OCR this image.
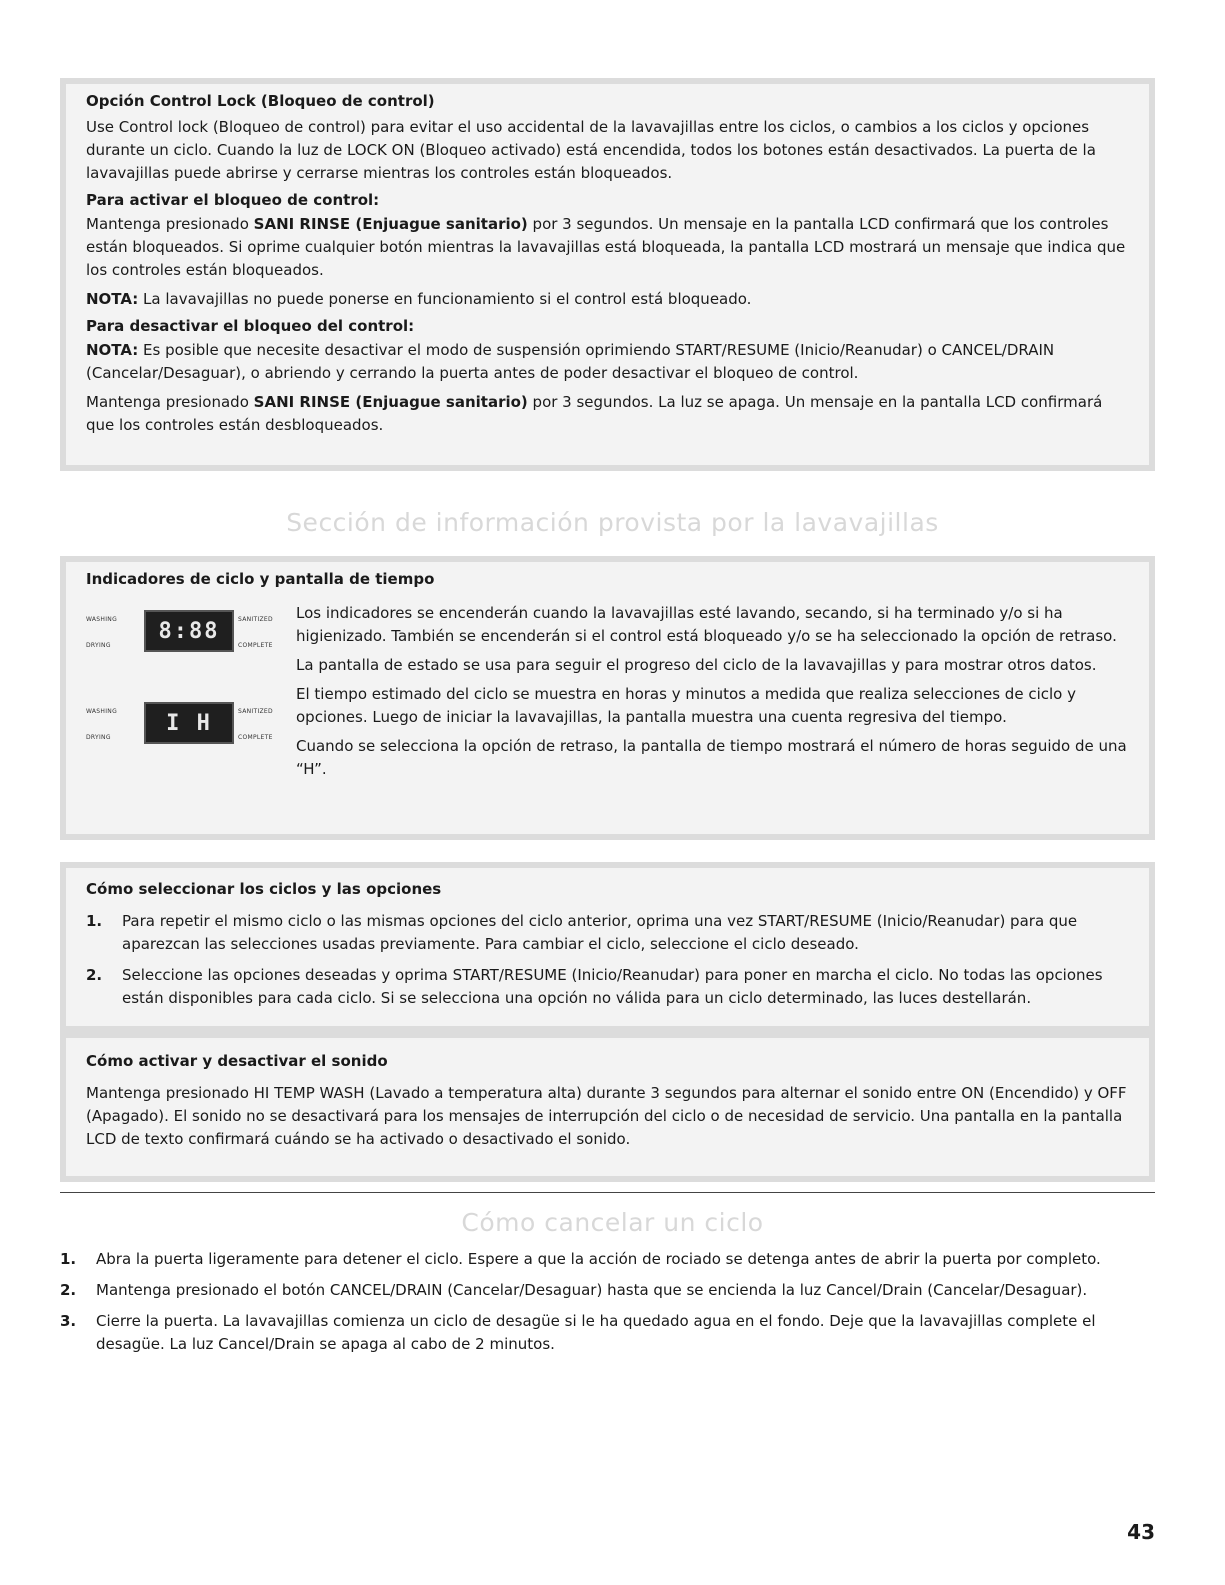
Opción Control Lock (Bloqueo de control)

Use Control lock (Bloqueo de control) para evitar el uso accidental de la lavavajillas entre los ciclos, o cambios a los ciclos y opciones durante un ciclo. Cuando la luz de LOCK ON (Bloqueo activado) está encendida, todos los botones están desactivados. La puerta de la lavavajillas puede abrirse y cerrarse mientras los controles están bloqueados.

Para activar el bloqueo de control:

Mantenga presionado SANI RINSE (Enjuague sanitario) por 3 segundos. Un mensaje en la pantalla LCD confirmará que los controles están bloqueados. Si oprime cualquier botón mientras la lavavajillas está bloqueada, la pantalla LCD mostrará un mensaje que indica que los controles están bloqueados.

NOTA: La lavavajillas no puede ponerse en funcionamiento si el control está bloqueado.

Para desactivar el bloqueo del control:

NOTA: Es posible que necesite desactivar el modo de suspensión oprimiendo START/RESUME (Inicio/Reanudar) o CANCEL/DRAIN (Cancelar/Desaguar), o abriendo y cerrando la puerta antes de poder desactivar el bloqueo de control.

Mantenga presionado SANI RINSE (Enjuague sanitario) por 3 segundos. La luz se apaga. Un mensaje en la pantalla LCD confirmará que los controles están desbloqueados.

Sección de información provista por la lavavajillas
Indicadores de ciclo y pantalla de tiempo
WASHING
DRYING
8:88	SANITIZED
COMPLETE
WASHING
DRYING
I H	SANITIZED
COMPLETE

Los indicadores se encenderán cuando la lavavajillas esté lavando, secando, si ha terminado y/o si ha higienizado. También se encenderán si el control está bloqueado y/o se ha seleccionado la opción de retraso.

La pantalla de estado se usa para seguir el progreso del ciclo de la lavavajillas y para mostrar otros datos.

El tiempo estimado del ciclo se muestra en horas y minutos a medida que realiza selecciones de ciclo y opciones. Luego de iniciar la lavavajillas, la pantalla muestra una cuenta regresiva del tiempo.

Cuando se selecciona la opción de retraso, la pantalla de tiempo mostrará el número de horas seguido de una “H”.

Cómo seleccionar los ciclos y las opciones
1. Para repetir el mismo ciclo o las mismas opciones del ciclo anterior, oprima una vez START/RESUME (Inicio/Reanudar) para que aparezcan las selecciones usadas previamente. Para cambiar el ciclo, seleccione el ciclo deseado.
2. Seleccione las opciones deseadas y oprima START/RESUME (Inicio/Reanudar) para poner en marcha el ciclo. No todas las opciones están disponibles para cada ciclo. Si se selecciona una opción no válida para un ciclo determinado, las luces destellarán.
Cómo activar y desactivar el sonido

Mantenga presionado HI TEMP WASH (Lavado a temperatura alta) durante 3 segundos para alternar el sonido entre ON (Encendido) y OFF (Apagado). El sonido no se desactivará para los mensajes de interrupción del ciclo o de necesidad de servicio. Una pantalla en la pantalla LCD de texto confirmará cuándo se ha activado o desactivado el sonido.

Cómo cancelar un ciclo
1. Abra la puerta ligeramente para detener el ciclo. Espere a que la acción de rociado se detenga antes de abrir la puerta por completo.
2. Mantenga presionado el botón CANCEL/DRAIN (Cancelar/Desaguar) hasta que se encienda la luz Cancel/Drain (Cancelar/Desaguar).
3. Cierre la puerta. La lavavajillas comienza un ciclo de desagüe si le ha quedado agua en el fondo. Deje que la lavavajillas complete el desagüe. La luz Cancel/Drain se apaga al cabo de 2 minutos.
43
